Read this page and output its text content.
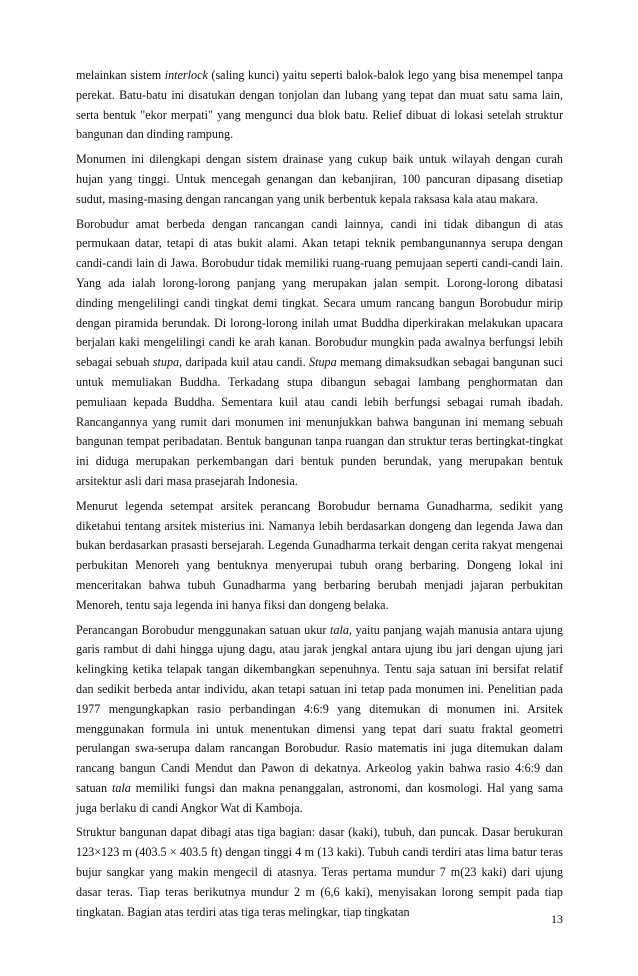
melainkan sistem interlock (saling kunci) yaitu seperti balok-balok lego yang bisa menempel tanpa perekat. Batu-batu ini disatukan dengan tonjolan dan lubang yang tepat dan muat satu sama lain, serta bentuk "ekor merpati" yang mengunci dua blok batu. Relief dibuat di lokasi setelah struktur bangunan dan dinding rampung.

Monumen ini dilengkapi dengan sistem drainase yang cukup baik untuk wilayah dengan curah hujan yang tinggi. Untuk mencegah genangan dan kebanjiran, 100 pancuran dipasang disetiap sudut, masing-masing dengan rancangan yang unik berbentuk kepala raksasa kala atau makara.

Borobudur amat berbeda dengan rancangan candi lainnya, candi ini tidak dibangun di atas permukaan datar, tetapi di atas bukit alami. Akan tetapi teknik pembangunannya serupa dengan candi-candi lain di Jawa. Borobudur tidak memiliki ruang-ruang pemujaan seperti candi-candi lain. Yang ada ialah lorong-lorong panjang yang merupakan jalan sempit. Lorong-lorong dibatasi dinding mengelilingi candi tingkat demi tingkat. Secara umum rancang bangun Borobudur mirip dengan piramida berundak. Di lorong-lorong inilah umat Buddha diperkirakan melakukan upacara berjalan kaki mengelilingi candi ke arah kanan. Borobudur mungkin pada awalnya berfungsi lebih sebagai sebuah stupa, daripada kuil atau candi. Stupa memang dimaksudkan sebagai bangunan suci untuk memuliakan Buddha. Terkadang stupa dibangun sebagai lambang penghormatan dan pemuliaan kepada Buddha. Sementara kuil atau candi lebih berfungsi sebagai rumah ibadah. Rancangannya yang rumit dari monumen ini menunjukkan bahwa bangunan ini memang sebuah bangunan tempat peribadatan. Bentuk bangunan tanpa ruangan dan struktur teras bertingkat-tingkat ini diduga merupakan perkembangan dari bentuk punden berundak, yang merupakan bentuk arsitektur asli dari masa prasejarah Indonesia.

Menurut legenda setempat arsitek perancang Borobudur bernama Gunadharma, sedikit yang diketahui tentang arsitek misterius ini. Namanya lebih berdasarkan dongeng dan legenda Jawa dan bukan berdasarkan prasasti bersejarah. Legenda Gunadharma terkait dengan cerita rakyat mengenai perbukitan Menoreh yang bentuknya menyerupai tubuh orang berbaring. Dongeng lokal ini menceritakan bahwa tubuh Gunadharma yang berbaring berubah menjadi jajaran perbukitan Menoreh, tentu saja legenda ini hanya fiksi dan dongeng belaka.

Perancangan Borobudur menggunakan satuan ukur tala, yaitu panjang wajah manusia antara ujung garis rambut di dahi hingga ujung dagu, atau jarak jengkal antara ujung ibu jari dengan ujung jari kelingking ketika telapak tangan dikembangkan sepenuhnya. Tentu saja satuan ini bersifat relatif dan sedikit berbeda antar individu, akan tetapi satuan ini tetap pada monumen ini. Penelitian pada 1977 mengungkapkan rasio perbandingan 4:6:9 yang ditemukan di monumen ini. Arsitek menggunakan formula ini untuk menentukan dimensi yang tepat dari suatu fraktal geometri perulangan swa-serupa dalam rancangan Borobudur. Rasio matematis ini juga ditemukan dalam rancang bangun Candi Mendut dan Pawon di dekatnya. Arkeolog yakin bahwa rasio 4:6:9 dan satuan tala memiliki fungsi dan makna penanggalan, astronomi, dan kosmologi. Hal yang sama juga berlaku di candi Angkor Wat di Kamboja.

Struktur bangunan dapat dibagi atas tiga bagian: dasar (kaki), tubuh, dan puncak. Dasar berukuran 123×123 m (403.5 × 403.5 ft) dengan tinggi 4 m (13 kaki). Tubuh candi terdiri atas lima batur teras bujur sangkar yang makin mengecil di atasnya. Teras pertama mundur 7 m(23 kaki) dari ujung dasar teras. Tiap teras berikutnya mundur 2 m (6,6 kaki), menyisakan lorong sempit pada tiap tingkatan. Bagian atas terdiri atas tiga teras melingkar, tiap tingkatan

13
